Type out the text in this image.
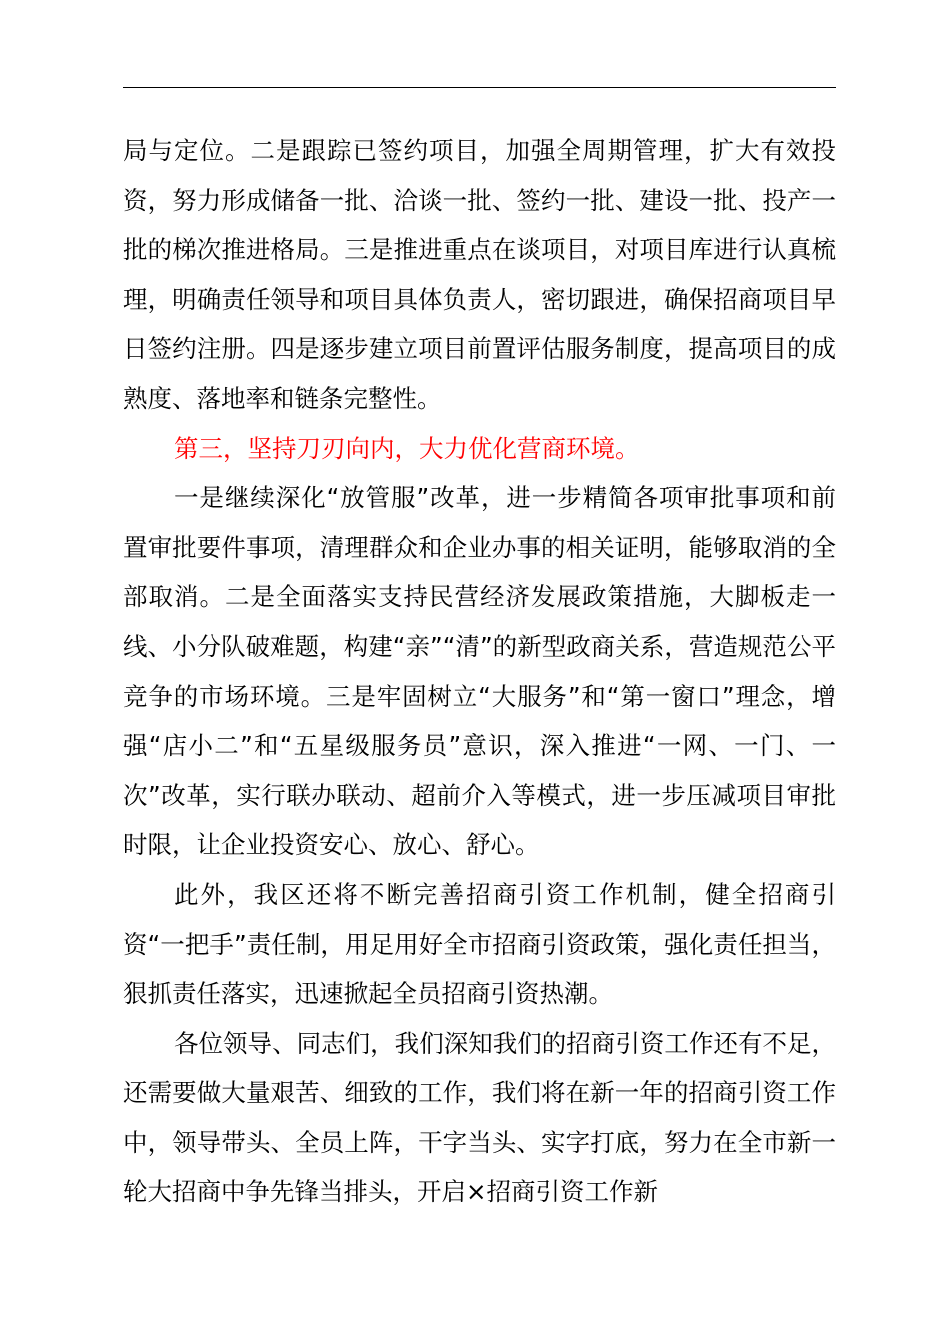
局与定位。二是跟踪已签约项目，加强全周期管理，扩大有效投资，努力形成储备一批、洽谈一批、签约一批、建设一批、投产一批的梯次推进格局。三是推进重点在谈项目，对项目库进行认真梳理，明确责任领导和项目具体负责人，密切跟进，确保招商项目早日签约注册。四是逐步建立项目前置评估服务制度，提高项目的成熟度、落地率和链条完整性。

第三，坚持刀刃向内，大力优化营商环境。

一是继续深化“放管服”改革，进一步精简各项审批事项和前置审批要件事项，清理群众和企业办事的相关证明，能够取消的全部取消。二是全面落实支持民营经济发展政策措施，大脚板走一线、小分队破难题，构建“亲”“清”的新型政商关系，营造规范公平竞争的市场环境。三是牢固树立“大服务”和“第一窗口”理念，增强“店小二”和“五星级服务员”意识，深入推进“一网、一门、一次”改革，实行联办联动、超前介入等模式，进一步压减项目审批时限，让企业投资安心、放心、舒心。

此外，我区还将不断完善招商引资工作机制，健全招商引资“一把手”责任制，用足用好全市招商引资政策，强化责任担当，狠抓责任落实，迅速掀起全员招商引资热潮。

各位领导、同志们，我们深知我们的招商引资工作还有不足，还需要做大量艰苦、细致的工作，我们将在新一年的招商引资工作中，领导带头、全员上阵，干字当头、实字打底，努力在全市新一轮大招商中争先锋当排头，开启×招商引资工作新
